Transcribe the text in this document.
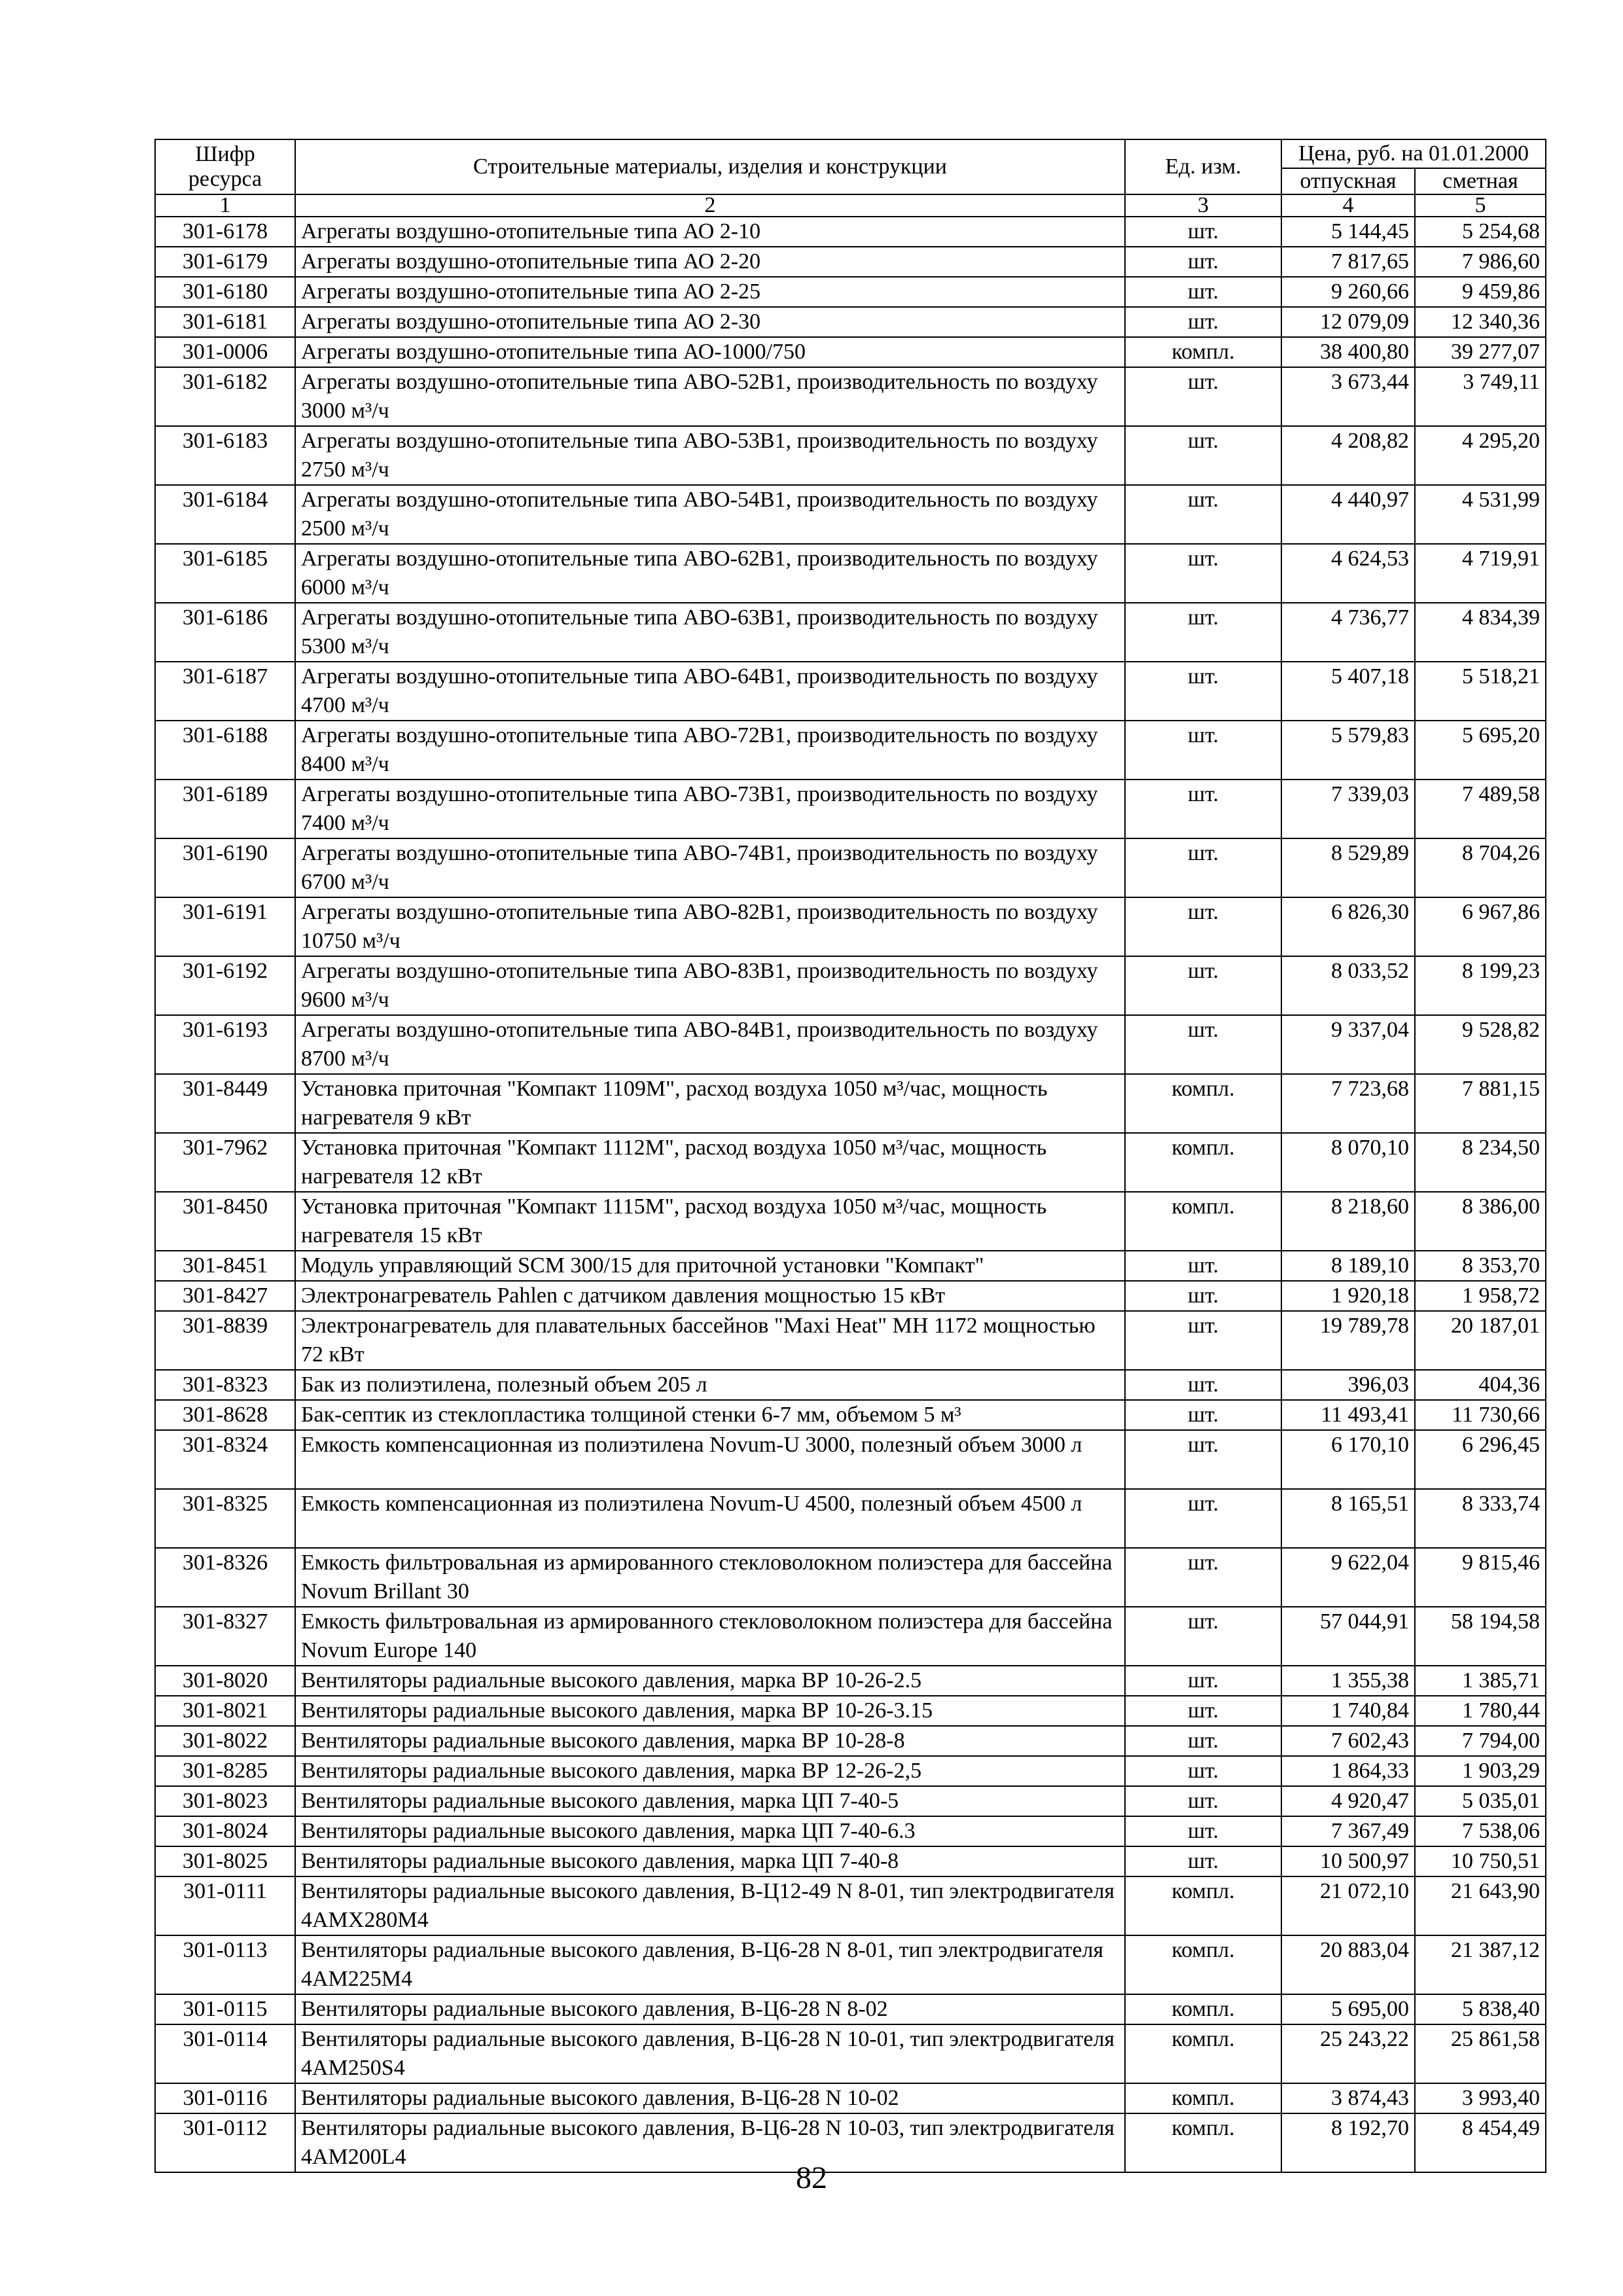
Шифр ресурса	Строительные материалы, изделия и конструкции	Ед. изм.	Цена, руб. на 01.01.2000	
			отпускная	сметная
1	2	3	4	5
301-6178	Агрегаты воздушно-отопительные типа АО 2-10	шт.	5 144,45	5 254,68
301-6179	Агрегаты воздушно-отопительные типа АО 2-20	шт.	7 817,65	7 986,60
301-6180	Агрегаты воздушно-отопительные типа АО 2-25	шт.	9 260,66	9 459,86
301-6181	Агрегаты воздушно-отопительные типа АО 2-30	шт.	12 079,09	12 340,36
301-0006	Агрегаты воздушно-отопительные типа АО-1000/750	компл.	38 400,80	39 277,07
301-6182	Агрегаты воздушно-отопительные типа АВО-52В1, производительность по воздуху 3000 м³/ч	шт.	3 673,44	3 749,11
301-6183	Агрегаты воздушно-отопительные типа АВО-53В1, производительность по воздуху 2750 м³/ч	шт.	4 208,82	4 295,20
301-6184	Агрегаты воздушно-отопительные типа АВО-54В1, производительность по воздуху 2500 м³/ч	шт.	4 440,97	4 531,99
301-6185	Агрегаты воздушно-отопительные типа АВО-62В1, производительность по воздуху 6000 м³/ч	шт.	4 624,53	4 719,91
301-6186	Агрегаты воздушно-отопительные типа АВО-63В1, производительность по воздуху 5300 м³/ч	шт.	4 736,77	4 834,39
301-6187	Агрегаты воздушно-отопительные типа АВО-64В1, производительность по воздуху 4700 м³/ч	шт.	5 407,18	5 518,21
301-6188	Агрегаты воздушно-отопительные типа АВО-72В1, производительность по воздуху 8400 м³/ч	шт.	5 579,83	5 695,20
301-6189	Агрегаты воздушно-отопительные типа АВО-73В1, производительность по воздуху 7400 м³/ч	шт.	7 339,03	7 489,58
301-6190	Агрегаты воздушно-отопительные типа АВО-74В1, производительность по воздуху 6700 м³/ч	шт.	8 529,89	8 704,26
301-6191	Агрегаты воздушно-отопительные типа АВО-82В1, производительность по воздуху 10750 м³/ч	шт.	6 826,30	6 967,86
301-6192	Агрегаты воздушно-отопительные типа АВО-83В1, производительность по воздуху 9600 м³/ч	шт.	8 033,52	8 199,23
301-6193	Агрегаты воздушно-отопительные типа АВО-84В1, производительность по воздуху 8700 м³/ч	шт.	9 337,04	9 528,82
301-8449	Установка приточная "Компакт 1109М", расход воздуха 1050 м³/час, мощность нагревателя 9 кВт	компл.	7 723,68	7 881,15
301-7962	Установка приточная "Компакт 1112М", расход воздуха 1050 м³/час, мощность нагревателя 12 кВт	компл.	8 070,10	8 234,50
301-8450	Установка приточная "Компакт 1115М", расход воздуха 1050 м³/час, мощность нагревателя 15 кВт	компл.	8 218,60	8 386,00
301-8451	Модуль управляющий SCM 300/15 для приточной установки "Компакт"	шт.	8 189,10	8 353,70
301-8427	Электронагреватель Pahlen с датчиком давления мощностью 15 кВт	шт.	1 920,18	1 958,72
301-8839	Электронагреватель для плавательных бассейнов "Maxi Heat" МН 1172 мощностью 72 кВт	шт.	19 789,78	20 187,01
301-8323	Бак из полиэтилена, полезный объем 205 л	шт.	396,03	404,36
301-8628	Бак-септик из стеклопластика толщиной стенки 6-7 мм, объемом 5 м³	шт.	11 493,41	11 730,66
301-8324	Емкость компенсационная из полиэтилена Novum-U 3000, полезный объем 3000 л	шт.	6 170,10	6 296,45
301-8325	Емкость компенсационная из полиэтилена Novum-U 4500, полезный объем 4500 л	шт.	8 165,51	8 333,74
301-8326	Емкость фильтровальная из армированного стекловолокном полиэстера для бассейна Novum Brillant 30	шт.	9 622,04	9 815,46
301-8327	Емкость фильтровальная из армированного стекловолокном полиэстера для бассейна Novum Europe 140	шт.	57 044,91	58 194,58
301-8020	Вентиляторы радиальные высокого давления, марка ВР 10-26-2.5	шт.	1 355,38	1 385,71
301-8021	Вентиляторы радиальные высокого давления, марка ВР 10-26-3.15	шт.	1 740,84	1 780,44
301-8022	Вентиляторы радиальные высокого давления, марка ВР 10-28-8	шт.	7 602,43	7 794,00
301-8285	Вентиляторы радиальные высокого давления, марка ВР 12-26-2,5	шт.	1 864,33	1 903,29
301-8023	Вентиляторы радиальные высокого давления, марка ЦП 7-40-5	шт.	4 920,47	5 035,01
301-8024	Вентиляторы радиальные высокого давления, марка ЦП 7-40-6.3	шт.	7 367,49	7 538,06
301-8025	Вентиляторы радиальные высокого давления, марка ЦП 7-40-8	шт.	10 500,97	10 750,51
301-0111	Вентиляторы радиальные высокого давления, В-Ц12-49 N 8-01, тип электродвигателя 4АМХ280М4	компл.	21 072,10	21 643,90
301-0113	Вентиляторы радиальные высокого давления, В-Ц6-28 N 8-01, тип электродвигателя 4АМ225М4	компл.	20 883,04	21 387,12
301-0115	Вентиляторы радиальные высокого давления, В-Ц6-28 N 8-02	компл.	5 695,00	5 838,40
301-0114	Вентиляторы радиальные высокого давления, В-Ц6-28 N 10-01, тип электродвигателя 4АМ250S4	компл.	25 243,22	25 861,58
301-0116	Вентиляторы радиальные высокого давления, В-Ц6-28 N 10-02	компл.	3 874,43	3 993,40
301-0112	Вентиляторы радиальные высокого давления, В-Ц6-28 N 10-03, тип электродвигателя 4АМ200L4	компл.	8 192,70	8 454,49
82
